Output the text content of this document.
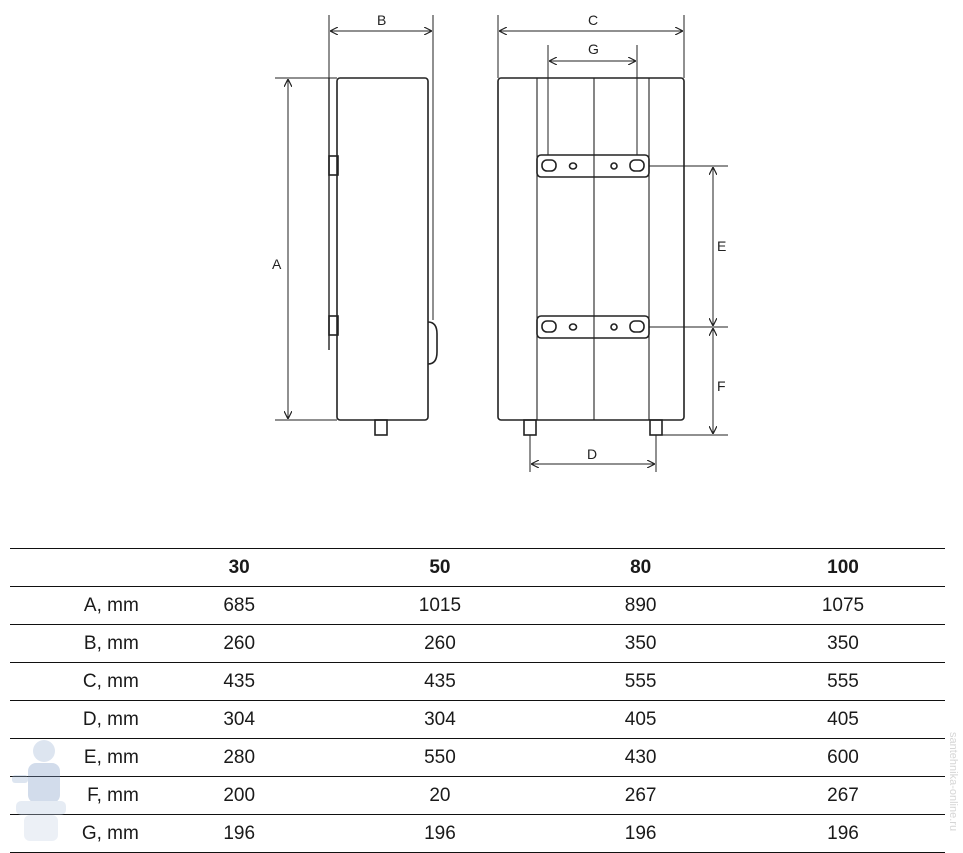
A
B	C
G
E
F
D
	30	50	80	100
A, mm	685	1015	890	1075
B, mm	260	260	350	350
C, mm	435	435	555	555
D, mm	304	304	405	405
E, mm	280	550	430	600
F, mm	200	20	267	267
G, mm	196	196	196	196
santehnika-online.ru
